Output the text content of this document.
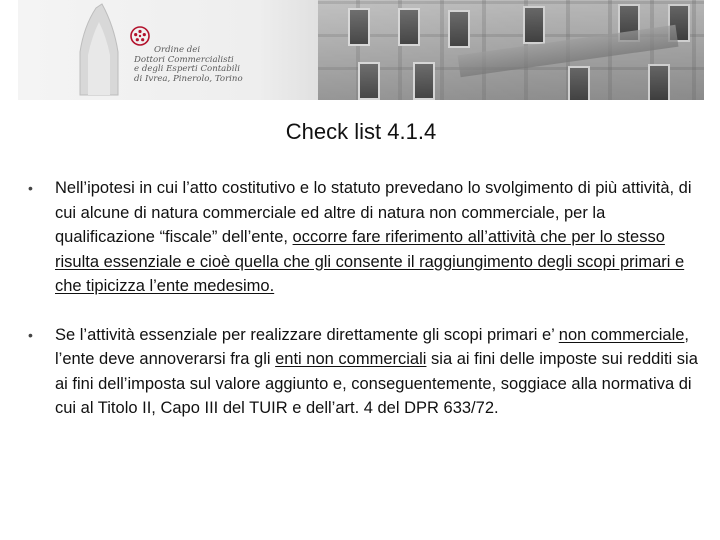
Ordine dei
Dottori Commercialisti
e degli Esperti Contabili
di Ivrea, Pinerolo, Torino
Check list 4.1.4
•	Nell’ipotesi in cui l’atto costitutivo e lo statuto prevedano lo svolgimento di più attività, di cui alcune di natura commerciale ed altre di natura non commerciale, per la qualificazione “fiscale” dell’ente, occorre fare riferimento all’attività che per lo stesso risulta essenziale e cioè quella che gli consente il raggiungimento degli scopi primari e che tipicizza l’ente medesimo.
•	Se l’attività essenziale per realizzare direttamente gli scopi primari e’ non commerciale, l’ente deve annoverarsi fra gli enti non commerciali sia ai fini delle imposte sui redditi sia ai fini dell’imposta sul valore aggiunto e, conseguentemente, soggiace alla normativa di cui al Titolo II, Capo III del TUIR e dell’art. 4 del DPR 633/72.
